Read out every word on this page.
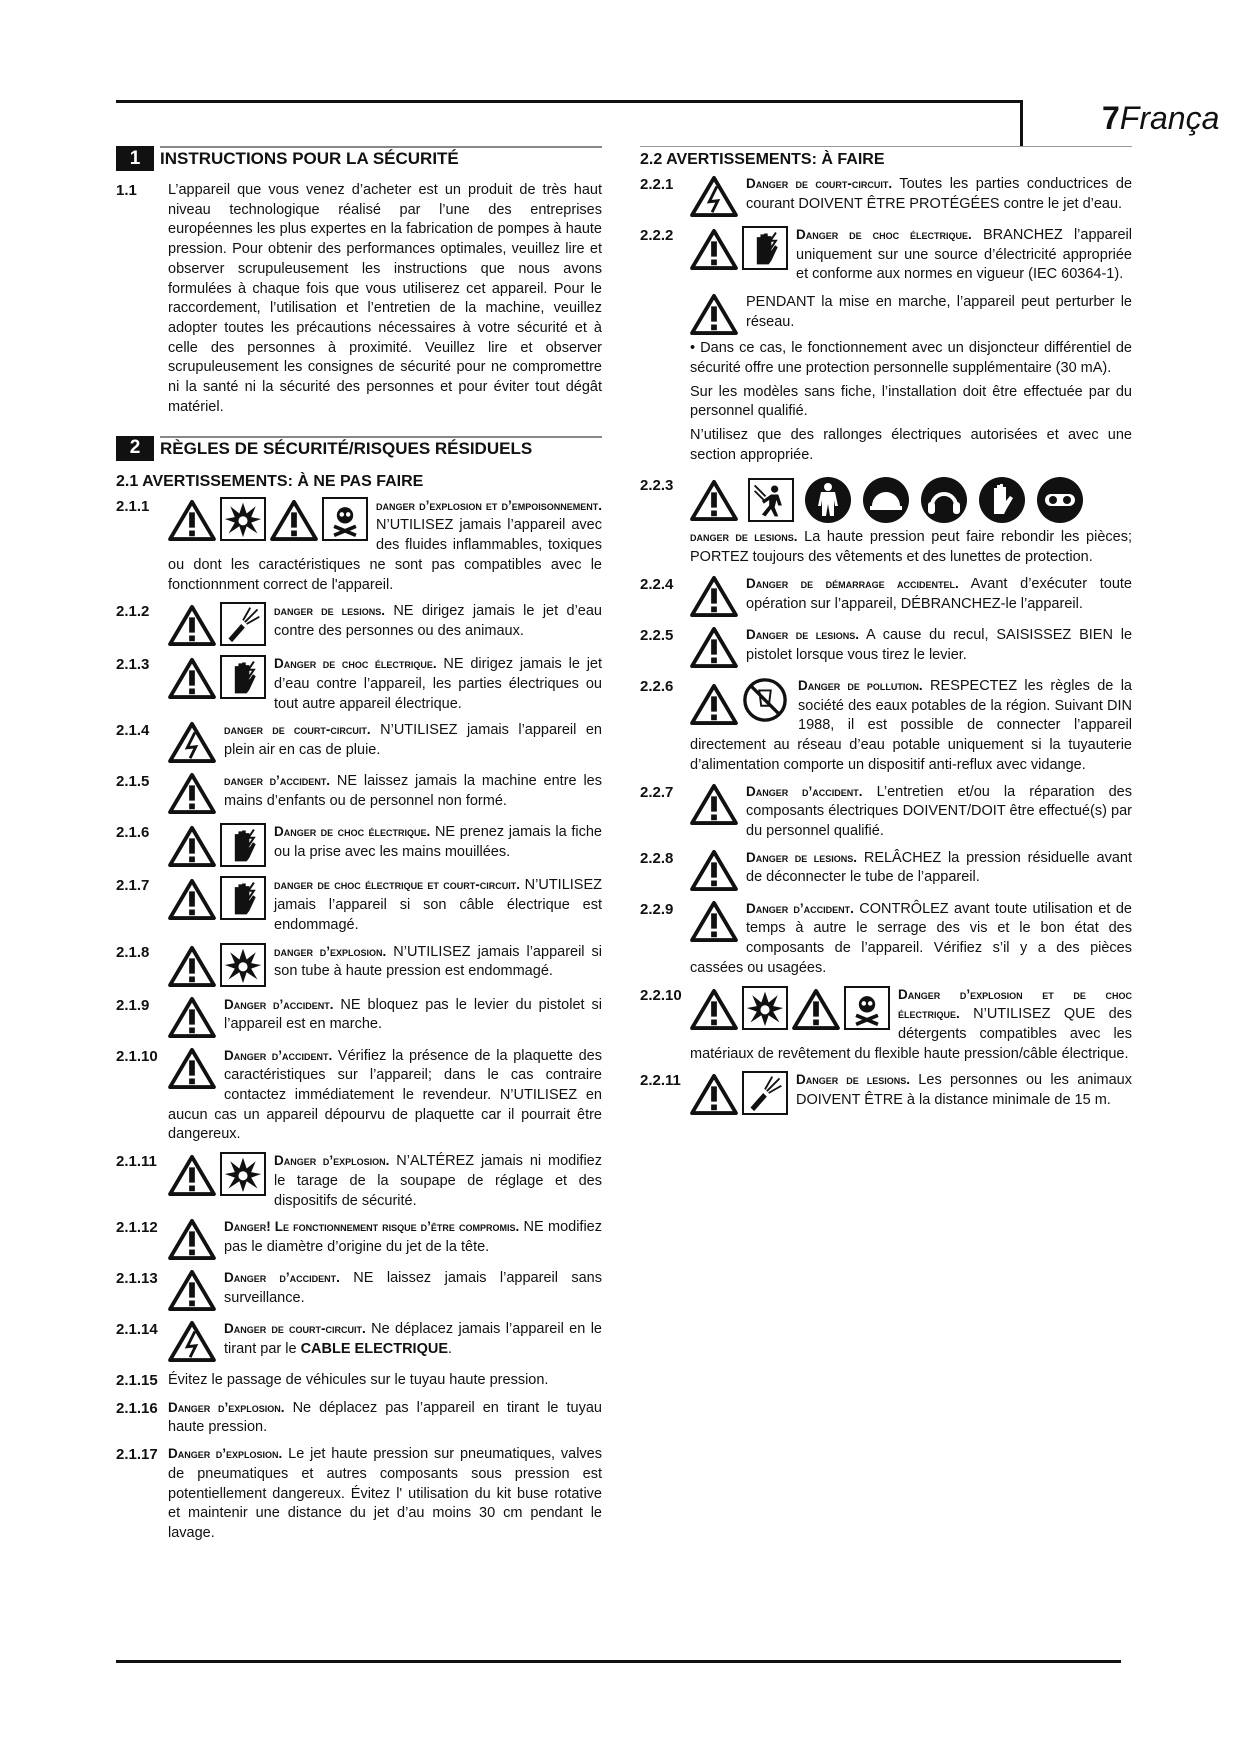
7França
1	INSTRUCTIONS POUR LA SÉCURITÉ
1.1	L’appareil que vous venez d’acheter est un produit de très haut niveau technologique réalisé par l’une des entreprises européennes les plus expertes en la fabrication de pompes à haute pression. Pour obtenir des performances optimales, veuillez lire et observer scrupuleusement les instructions que nous avons formulées à chaque fois que vous utiliserez cet appareil. Pour le raccordement, l’utilisation et l’entretien de la machine, veuillez adopter toutes les précautions nécessaires à votre sécurité et à celle des personnes à proximité. Veuillez lire et observer scrupuleusement les consignes de sécurité pour ne compromettre ni la santé ni la sécurité des personnes et pour éviter tout dégât matériel.
2	RÈGLES DE SÉCURITÉ/RISQUES RÉSIDUELS
2.1 AVERTISSEMENTS: À NE PAS FAIRE
2.1.1	danger d’explosion et d’empoisonnement. N’UTILISEZ jamais l’appareil avec des fluides inflammables, toxiques ou dont les caractéristiques ne sont pas compatibles avec le fonctionnment correct de l'appareil.
2.1.2	danger de lesions. NE dirigez jamais le jet d’eau contre des personnes ou des animaux.
2.1.3	Danger de choc électrique. NE dirigez jamais le jet d’eau contre l’appareil, les parties électriques ou tout autre appareil électrique.
2.1.4	danger de court-circuit. N’UTILISEZ jamais l’appareil en plein air en cas de pluie.
2.1.5	danger d’accident. NE laissez jamais la machine entre les mains d’enfants ou de personnel non formé.
2.1.6	Danger de choc électrique. NE prenez jamais la fiche ou la prise avec les mains mouillées.
2.1.7	danger de choc électrique et court-circuit. N’UTILISEZ jamais l’appareil si son câble électrique est endommagé.
2.1.8	danger d’explosion. N’UTILISEZ jamais l’appareil si son tube à haute pression est endommagé.
2.1.9	Danger d’accident. NE bloquez pas le levier du pistolet si l’appareil est en marche.
2.1.10	Danger d’accident. Vérifiez la présence de la plaquette des caractéristiques sur l’appareil; dans le cas contraire contactez immédiatement le revendeur. N’UTILISEZ en aucun cas un appareil dépourvu de plaquette car il pourrait être dangereux.
2.1.11	Danger d’explosion. N’ALTÉREZ jamais ni modifiez le tarage de la soupape de réglage et des dispositifs de sécurité.
2.1.12	Danger! Le fonctionnement risque d’être compromis. NE modifiez pas le diamètre d’origine du jet de la tête.
2.1.13	Danger d’accident. NE laissez jamais l’appareil sans surveillance.
2.1.14	Danger de court-circuit. Ne déplacez jamais l’appareil en le tirant par le CABLE ELECTRIQUE.
2.1.15 Évitez le passage de véhicules sur le tuyau haute pression.
2.1.16 Danger d’explosion. Ne déplacez pas l’appareil en tirant le tuyau haute pression.
2.1.17 Danger d’explosion. Le jet haute pression sur pneumatiques, valves de pneumatiques et autres composants sous pression est potentiellement dangereux. Évitez l' utilisation du kit buse rotative et maintenir une distance du jet d’au moins 30 cm pendant le lavage.
2.2 AVERTISSEMENTS: À FAIRE
2.2.1	Danger de court-circuit. Toutes les parties conductrices de courant DOIVENT ÊTRE PROTÉGÉES contre le jet d’eau.
2.2.2	Danger de choc électrique. BRANCHEZ l’appareil uniquement sur une source d’électricité appropriée et conforme aux normes en vigueur (IEC 60364-1).

PENDANT la mise en marche, l’appareil peut perturber le réseau.

• Dans ce cas, le fonctionnement avec un disjoncteur différentiel de sécurité offre une protection personnelle supplémentaire (30 mA).

Sur les modèles sans fiche, l’installation doit être effectuée par du personnel qualifié.

N’utilisez que des rallonges électriques autorisées et avec une section appropriée.

2.2.3
danger de lesions. La haute pression peut faire rebondir les pièces; PORTEZ toujours des vêtements et des lunettes de protection.
2.2.4	Danger de démarrage accidentel. Avant d’exécuter toute opération sur l’appareil, DÉBRANCHEZ-le l’appareil.
2.2.5	Danger de lesions. A cause du recul, SAISISSEZ BIEN le pistolet lorsque vous tirez le levier.
2.2.6	Danger de pollution. RESPECTEZ les règles de la société des eaux potables de la région. Suivant DIN 1988, il est possible de connecter l’appareil directement au réseau d’eau potable uniquement si la tuyauterie d’alimentation comporte un dispositif anti-reflux avec vidange.
2.2.7	Danger d’accident. L’entretien et/ou la réparation des composants électriques DOIVENT/DOIT être effectué(s) par du personnel qualifié.
2.2.8	Danger de lesions. RELÂCHEZ la pression résiduelle avant de déconnecter le tube de l’appareil.
2.2.9	Danger d’accident. CONTRÔLEZ avant toute utilisation et de temps à autre le serrage des vis et le bon état des composants de l’appareil. Vérifiez s’il y a des pièces cassées ou usagées.
2.2.10	Danger d’explosion et de choc électrique. N’UTILISEZ QUE des détergents compatibles avec les matériaux de revêtement du flexible haute pression/câble électrique.
2.2.11	Danger de lesions. Les personnes ou les animaux DOIVENT ÊTRE à la distance minimale de 15 m.
